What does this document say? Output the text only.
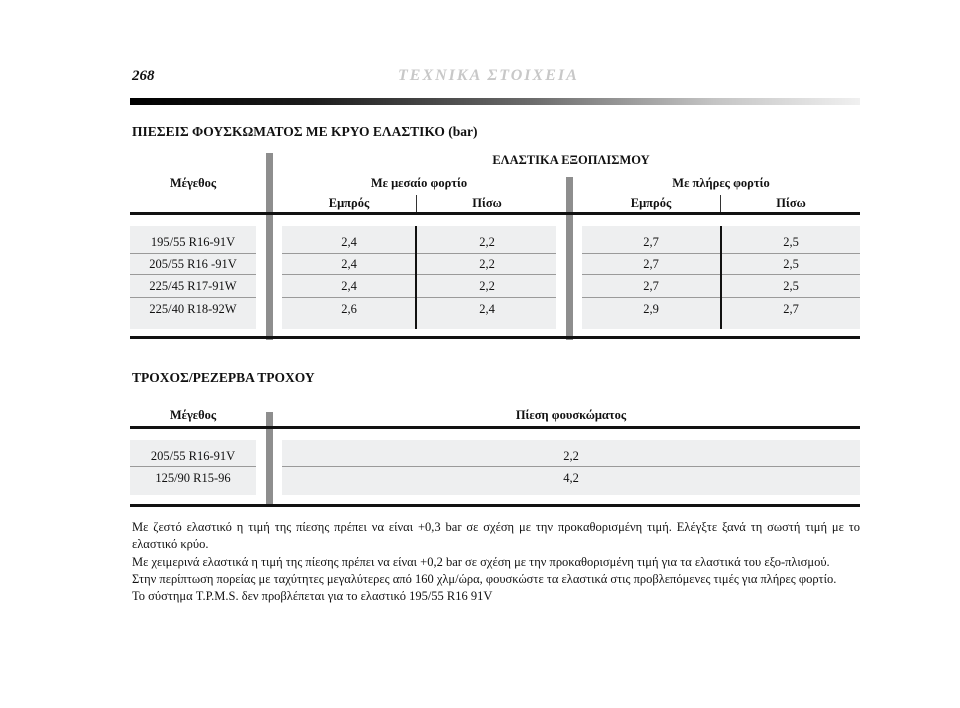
268	ΤΕΧΝΙΚΑ ΣΤΟΙΧΕΙΑ
ΠΙΕΣΕΙΣ ΦΟΥΣΚΩΜΑΤΟΣ ΜΕ ΚΡΥΟ ΕΛΑΣΤΙΚΟ (bar)
ΕΛΑΣΤΙΚΑ ΕΞΟΠΛΙΣΜΟΥ
Μέγεθος	Με μεσαίο φορτίο	Με πλήρες φορτίο
Εμπρός	Πίσω	Εμπρός	Πίσω
195/55 R16-91V	2,4	2,2	2,7	2,5
205/55 R16 -91V	2,4	2,2	2,7	2,5
225/45 R17-91W	2,4	2,2	2,7	2,5
225/40 R18-92W	2,6	2,4	2,9	2,7
ΤΡΟΧΟΣ/ΡΕΖΕΡΒΑ ΤΡΟΧΟΥ
Μέγεθος	Πίεση φουσκώματος
205/55 R16-91V	2,2
125/90 R15-96	4,2

Με ζεστό ελαστικό η τιμή της πίεσης πρέπει να είναι +0,3 bar σε σχέση με την προκαθορισμένη τιμή. Ελέγξτε ξανά τη σωστή τιμή με το ελαστικό κρύο.

Με χειμερινά ελαστικά η τιμή της πίεσης πρέπει να είναι +0,2 bar σε σχέση με την προκαθορισμένη τιμή για τα ελαστικά του εξο-πλισμού.

Στην περίπτωση πορείας με ταχύτητες μεγαλύτερες από 160 χλμ/ώρα, φουσκώστε τα ελαστικά στις προβλεπόμενες τιμές για πλήρες φορτίο.

Το σύστημα T.P.M.S. δεν προβλέπεται για το ελαστικό 195/55 R16 91V
